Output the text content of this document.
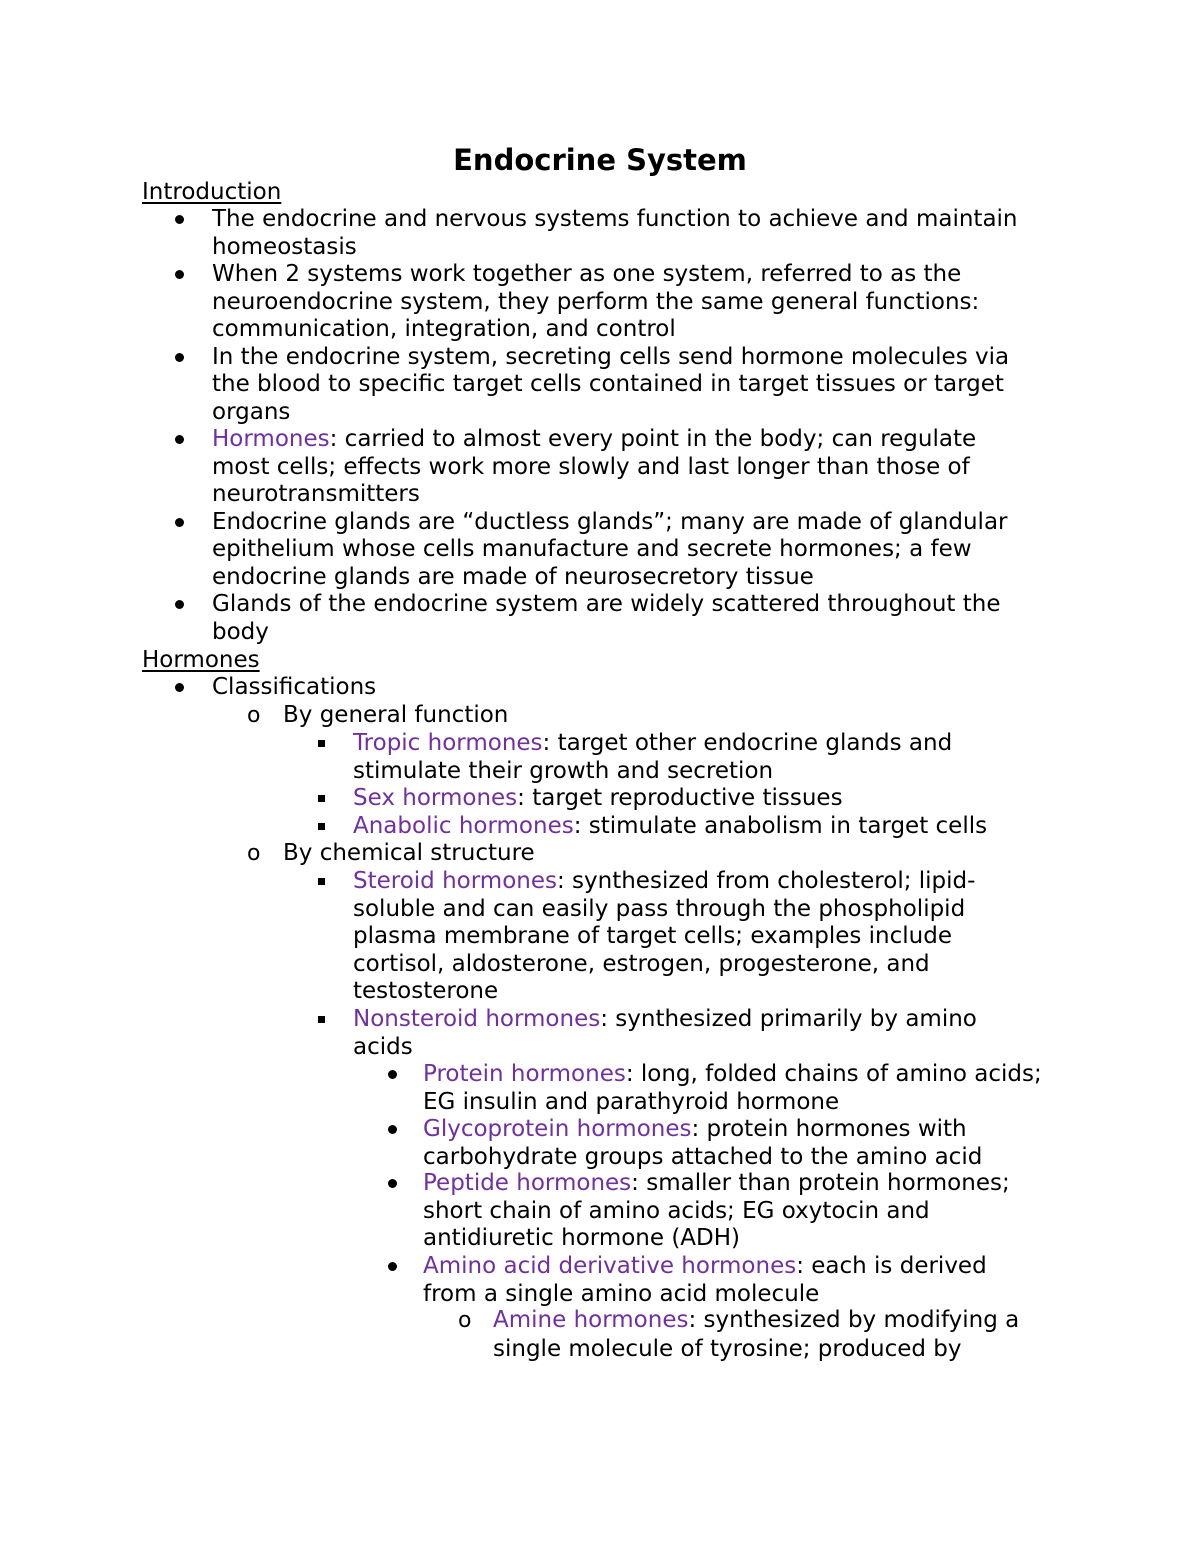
Endocrine System
Introduction
The endocrine and nervous systems function to achieve and maintain
homeostasis
When 2 systems work together as one system, referred to as the
neuroendocrine system, they perform the same general functions:
communication, integration, and control
In the endocrine system, secreting cells send hormone molecules via
the blood to specific target cells contained in target tissues or target
organs
Hormones: carried to almost every point in the body; can regulate
most cells; effects work more slowly and last longer than those of
neurotransmitters
Endocrine glands are “ductless glands”; many are made of glandular
epithelium whose cells manufacture and secrete hormones; a few
endocrine glands are made of neurosecretory tissue
Glands of the endocrine system are widely scattered throughout the
body
Hormones
Classifications
o By general function
Tropic hormones: target other endocrine glands and
stimulate their growth and secretion
Sex hormones: target reproductive tissues
Anabolic hormones: stimulate anabolism in target cells
o By chemical structure
Steroid hormones: synthesized from cholesterol; lipid-
soluble and can easily pass through the phospholipid
plasma membrane of target cells; examples include
cortisol, aldosterone, estrogen, progesterone, and
testosterone
Nonsteroid hormones: synthesized primarily by amino
acids
Protein hormones: long, folded chains of amino acids;
EG insulin and parathyroid hormone
Glycoprotein hormones: protein hormones with
carbohydrate groups attached to the amino acid
Peptide hormones: smaller than protein hormones;
short chain of amino acids; EG oxytocin and
antidiuretic hormone (ADH)
Amino acid derivative hormones: each is derived
from a single amino acid molecule
o Amine hormones: synthesized by modifying a
single molecule of tyrosine; produced by
